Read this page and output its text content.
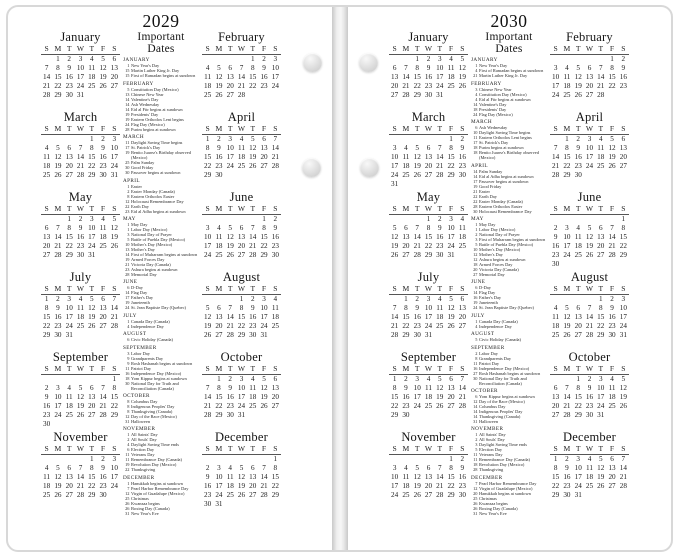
January
S	M	T	W	T	F	S
	1	2	3	4	5	6
7	8	9	10	11	12	13
14	15	16	17	18	19	20
21	22	23	24	25	26	27
28	29	30	31			
March
S	M	T	W	T	F	S
				1	2	3
4	5	6	7	8	9	10
11	12	13	14	15	16	17
18	19	20	21	22	23	24
25	26	27	28	29	30	31
May
S	M	T	W	T	F	S
		1	2	3	4	5
6	7	8	9	10	11	12
13	14	15	16	17	18	19
20	21	22	23	24	25	26
27	28	29	30	31		
July
S	M	T	W	T	F	S
1	2	3	4	5	6	7
8	9	10	11	12	13	14
15	16	17	18	19	20	21
22	23	24	25	26	27	28
29	30	31				
September
S	M	T	W	T	F	S
						1
2	3	4	5	6	7	8
9	10	11	12	13	14	15
16	17	18	19	20	21	22
23	24	25	26	27	28	29
30						
November
S	M	T	W	T	F	S
				1	2	3
4	5	6	7	8	9	10
11	12	13	14	15	16	17
18	19	20	21	22	23	24
25	26	27	28	29	30	
2029
Important Dates
JANUARY
1 New Year's Day
15 Martin Luther King Jr. Day
15 First of Ramadan begins at sundown
FEBRUARY
5 Constitution Day (Mexico)
13 Chinese New Year
14 Valentine's Day
14 Ash Wednesday
14 Eid al Fitr begins at sundown
19 Presidents' Day
19 Eastern Orthodox Lent begins
24 Flag Day (Mexico)
28 Purim begins at sundown
MARCH
11 Daylight Saving Time begins
17 St. Patrick's Day
19 Benito Juarez's Birthday observed (Mexico)
25 Palm Sunday
30 Good Friday
30 Passover begins at sundown
APRIL
1 Easter
2 Easter Monday (Canada)
8 Eastern Orthodox Easter
12 Holocaust Remembrance Day
22 Earth Day
23 Eid al Adha begins at sundown
MAY
1 May Day
1 Labor Day (Mexico)
3 National Day of Prayer
5 Battle of Puebla Day (Mexico)
10 Mother's Day (Mexico)
13 Mother's Day
14 First of Muharram begins at sundown
19 Armed Forces Day
21 Victoria Day (Canada)
23 Ashura begins at sundown
28 Memorial Day
JUNE
6 D-Day
14 Flag Day
17 Father's Day
19 Juneteenth
24 St. Jean Baptiste Day (Quebec)
JULY
1 Canada Day (Canada)
4 Independence Day
AUGUST
6 Civic Holiday (Canada)
SEPTEMBER
3 Labor Day
9 Grandparents Day
9 Rosh Hashanah begins at sundown
11 Patriot Day
16 Independence Day (Mexico)
18 Yom Kippur begins at sundown
30 National Day for Truth and Reconciliation (Canada)
OCTOBER
8 Columbus Day
8 Indigenous Peoples' Day
8 Thanksgiving (Canada)
12 Day of the Race (Mexico)
31 Halloween
NOVEMBER
1 All Saints' Day
2 All Souls' Day
4 Daylight Saving Time ends
6 Election Day
11 Veterans Day
11 Remembrance Day (Canada)
19 Revolution Day (Mexico)
22 Thanksgiving
DECEMBER
1 Hanukkah begins at sundown
7 Pearl Harbor Remembrance Day
12 Virgin of Guadalupe (Mexico)
25 Christmas
26 Kwanzaa begins
26 Boxing Day (Canada)
31 New Year's Eve
February
S	M	T	W	T	F	S
				1	2	3
4	5	6	7	8	9	10
11	12	13	14	15	16	17
18	19	20	21	22	23	24
25	26	27	28			
April
S	M	T	W	T	F	S
1	2	3	4	5	6	7
8	9	10	11	12	13	14
15	16	17	18	19	20	21
22	23	24	25	26	27	28
29	30					
June
S	M	T	W	T	F	S
					1	2
3	4	5	6	7	8	9
10	11	12	13	14	15	16
17	18	19	20	21	22	23
24	25	26	27	28	29	30
August
S	M	T	W	T	F	S
			1	2	3	4
5	6	7	8	9	10	11
12	13	14	15	16	17	18
19	20	21	22	23	24	25
26	27	28	29	30	31	
October
S	M	T	W	T	F	S
	1	2	3	4	5	6
7	8	9	10	11	12	13
14	15	16	17	18	19	20
21	22	23	24	25	26	27
28	29	30	31			
December
S	M	T	W	T	F	S
						1
2	3	4	5	6	7	8
9	10	11	12	13	14	15
16	17	18	19	20	21	22
23	24	25	26	27	28	29
30	31					
January
S	M	T	W	T	F	S
		1	2	3	4	5
6	7	8	9	10	11	12
13	14	15	16	17	18	19
20	21	22	23	24	25	26
27	28	29	30	31		
March
S	M	T	W	T	F	S
					1	2
3	4	5	6	7	8	9
10	11	12	13	14	15	16
17	18	19	20	21	22	23
24	25	26	27	28	29	30
31						
May
S	M	T	W	T	F	S
			1	2	3	4
5	6	7	8	9	10	11
12	13	14	15	16	17	18
19	20	21	22	23	24	25
26	27	28	29	30	31	
July
S	M	T	W	T	F	S
	1	2	3	4	5	6
7	8	9	10	11	12	13
14	15	16	17	18	19	20
21	22	23	24	25	26	27
28	29	30	31			
September
S	M	T	W	T	F	S
1	2	3	4	5	6	7
8	9	10	11	12	13	14
15	16	17	18	19	20	21
22	23	24	25	26	27	28
29	30					
November
S	M	T	W	T	F	S
					1	2
3	4	5	6	7	8	9
10	11	12	13	14	15	16
17	18	19	20	21	22	23
24	25	26	27	28	29	30
2030
Important Dates
JANUARY
1 New Year's Day
4 First of Ramadan begins at sundown
21 Martin Luther King Jr. Day
FEBRUARY
3 Chinese New Year
4 Constitution Day (Mexico)
4 Eid al Fitr begins at sundown
14 Valentine's Day
18 Presidents' Day
24 Flag Day (Mexico)
MARCH
6 Ash Wednesday
10 Daylight Saving Time begins
11 Eastern Orthodox Lent begins
17 St. Patrick's Day
18 Purim begins at sundown
18 Benito Juarez's Birthday observed (Mexico)
APRIL
14 Palm Sunday
14 Eid al Adha begins at sundown
17 Passover begins at sundown
19 Good Friday
21 Easter
22 Earth Day
22 Easter Monday (Canada)
28 Eastern Orthodox Easter
30 Holocaust Remembrance Day
MAY
1 May Day
1 Labor Day (Mexico)
2 National Day of Prayer
3 First of Muharram begins at sundown
5 Battle of Puebla Day (Mexico)
10 Mother's Day (Mexico)
12 Mother's Day
12 Ashura begins at sundown
18 Armed Forces Day
20 Victoria Day (Canada)
27 Memorial Day
JUNE
6 D-Day
14 Flag Day
16 Father's Day
19 Juneteenth
24 St. Jean Baptiste Day (Quebec)
JULY
1 Canada Day (Canada)
4 Independence Day
AUGUST
5 Civic Holiday (Canada)
SEPTEMBER
2 Labor Day
8 Grandparents Day
11 Patriot Day
16 Independence Day (Mexico)
27 Rosh Hashanah begins at sundown
30 National Day for Truth and Reconciliation (Canada)
OCTOBER
6 Yom Kippur begins at sundown
12 Day of the Race (Mexico)
14 Columbus Day
14 Indigenous Peoples' Day
14 Thanksgiving (Canada)
31 Halloween
NOVEMBER
1 All Saints' Day
2 All Souls' Day
3 Daylight Saving Time ends
5 Election Day
11 Veterans Day
11 Remembrance Day (Canada)
18 Revolution Day (Mexico)
28 Thanksgiving
DECEMBER
7 Pearl Harbor Remembrance Day
12 Virgin of Guadalupe (Mexico)
20 Hanukkah begins at sundown
25 Christmas
26 Kwanzaa begins
26 Boxing Day (Canada)
31 New Year's Eve
February
S	M	T	W	T	F	S
					1	2
3	4	5	6	7	8	9
10	11	12	13	14	15	16
17	18	19	20	21	22	23
24	25	26	27	28		
April
S	M	T	W	T	F	S
	1	2	3	4	5	6
7	8	9	10	11	12	13
14	15	16	17	18	19	20
21	22	23	24	25	26	27
28	29	30				
June
S	M	T	W	T	F	S
						1
2	3	4	5	6	7	8
9	10	11	12	13	14	15
16	17	18	19	20	21	22
23	24	25	26	27	28	29
30						
August
S	M	T	W	T	F	S
				1	2	3
4	5	6	7	8	9	10
11	12	13	14	15	16	17
18	19	20	21	22	23	24
25	26	27	28	29	30	31
October
S	M	T	W	T	F	S
		1	2	3	4	5
6	7	8	9	10	11	12
13	14	15	16	17	18	19
20	21	22	23	24	25	26
27	28	29	30	31		
December
S	M	T	W	T	F	S
1	2	3	4	5	6	7
8	9	10	11	12	13	14
15	16	17	18	19	20	21
22	23	24	25	26	27	28
29	30	31				
